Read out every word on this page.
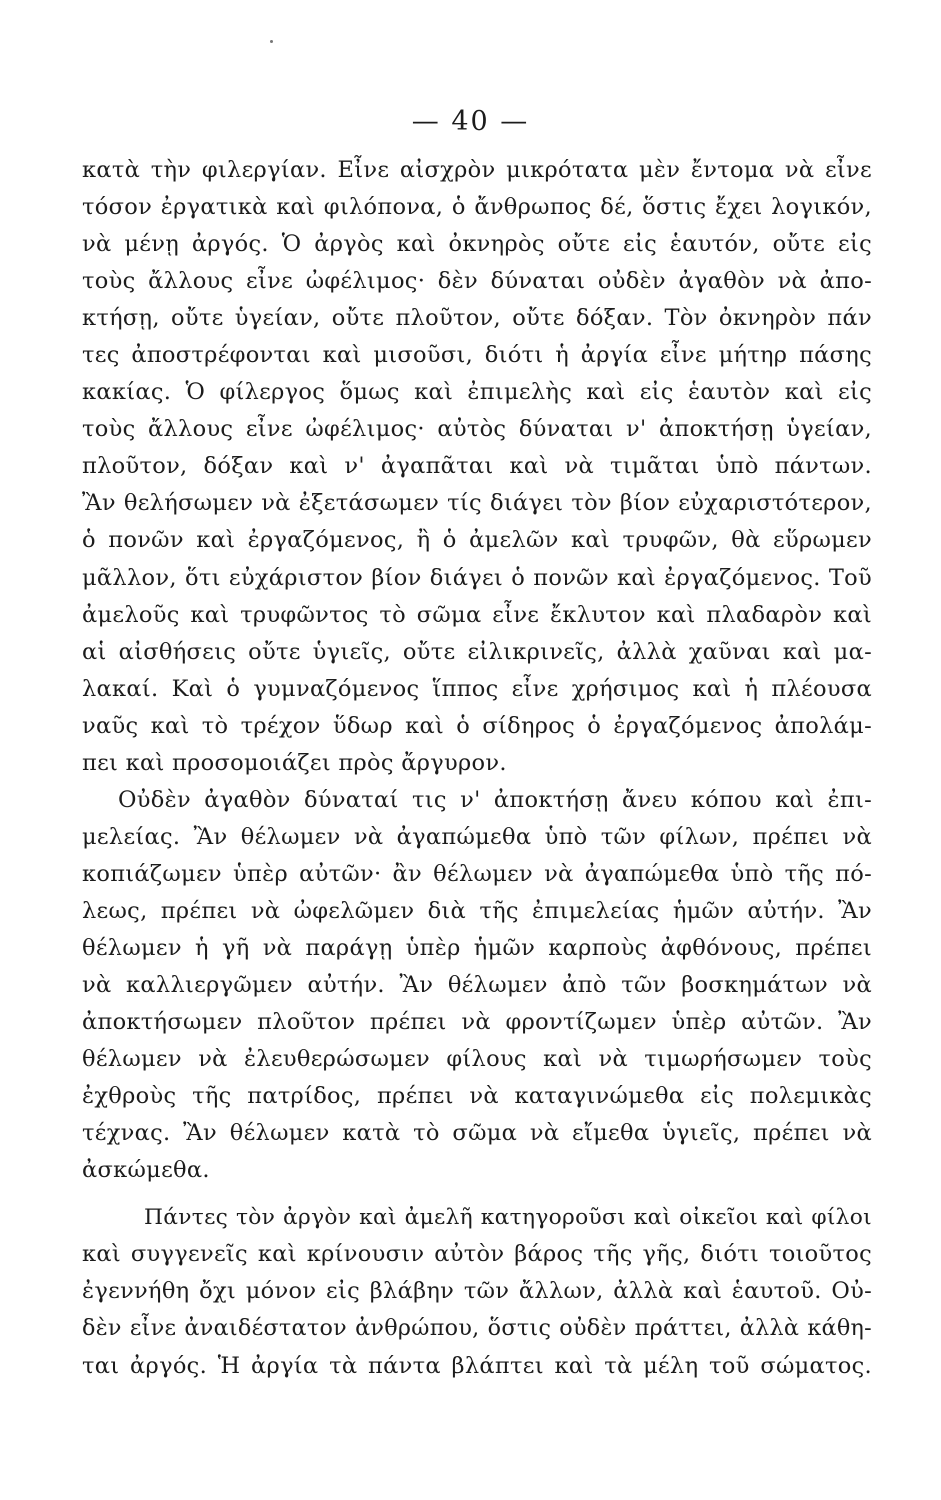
— 40 —
κατὰ τὴν φιλεργίαν. Εἶνε αἰσχρὸν μικρότατα μὲν ἔντομα νὰ εἶνε
τόσον ἐργατικὰ καὶ φιλόπονα, ὁ ἄνθρωπος δέ, ὅστις ἔχει λογικόν,
νὰ μένῃ ἀργός. Ὁ ἀργὸς καὶ ὀκνηρὸς οὔτε εἰς ἑαυτόν, οὔτε εἰς
τοὺς ἄλλους εἶνε ὠφέλιμος· δὲν δύναται οὐδὲν ἀγαθὸν νὰ ἀπο-
κτήσῃ, οὔτε ὑγείαν, οὔτε πλοῦτον, οὔτε δόξαν. Τὸν ὀκνηρὸν πάν
τες ἀποστρέφονται καὶ μισοῦσι, διότι ἡ ἀργία εἶνε μήτηρ πάσης
κακίας. Ὁ φίλεργος ὅμως καὶ ἐπιμελὴς καὶ εἰς ἑαυτὸν καὶ εἰς
τοὺς ἄλλους εἶνε ὠφέλιμος· αὐτὸς δύναται ν' ἀποκτήσῃ ὑγείαν,
πλοῦτον, δόξαν καὶ ν' ἀγαπᾶται καὶ νὰ τιμᾶται ὑπὸ πάντων.
Ἂν θελήσωμεν νὰ ἐξετάσωμεν τίς διάγει τὸν βίον εὐχαριστότερον,
ὁ πονῶν καὶ ἐργαζόμενος, ἢ ὁ ἀμελῶν καὶ τρυφῶν, θὰ εὕρωμεν
μᾶλλον, ὅτι εὐχάριστον βίον διάγει ὁ πονῶν καὶ ἐργαζόμενος. Τοῦ
ἀμελοῦς καὶ τρυφῶντος τὸ σῶμα εἶνε ἔκλυτον καὶ πλαδαρὸν καὶ
αἱ αἰσθήσεις οὔτε ὑγιεῖς, οὔτε εἰλικρινεῖς, ἀλλὰ χαῦναι καὶ μα-
λακαί. Καὶ ὁ γυμναζόμενος ἵππος εἶνε χρήσιμος καὶ ἡ πλέουσα
ναῦς καὶ τὸ τρέχον ὕδωρ καὶ ὁ σίδηρος ὁ ἐργαζόμενος ἀπολάμ-
πει καὶ προσομοιάζει πρὸς ἄργυρον.
Οὐδὲν ἀγαθὸν δύναταί τις ν' ἀποκτήσῃ ἄνευ κόπου καὶ ἐπι-
μελείας. Ἂν θέλωμεν νὰ ἀγαπώμεθα ὑπὸ τῶν φίλων, πρέπει νὰ
κοπιάζωμεν ὑπὲρ αὐτῶν· ἂν θέλωμεν νὰ ἀγαπώμεθα ὑπὸ τῆς πό-
λεως, πρέπει νὰ ὠφελῶμεν διὰ τῆς ἐπιμελείας ἡμῶν αὐτήν. Ἂν
θέλωμεν ἡ γῆ νὰ παράγῃ ὑπὲρ ἡμῶν καρποὺς ἀφθόνους, πρέπει
νὰ καλλιεργῶμεν αὐτήν. Ἂν θέλωμεν ἀπὸ τῶν βοσκημάτων νὰ
ἀποκτήσωμεν πλοῦτον πρέπει νὰ φροντίζωμεν ὑπὲρ αὐτῶν. Ἂν
θέλωμεν νὰ ἐλευθερώσωμεν φίλους καὶ νὰ τιμωρήσωμεν τοὺς
ἐχθροὺς τῆς πατρίδος, πρέπει νὰ καταγινώμεθα εἰς πολεμικὰς
τέχνας. Ἂν θέλωμεν κατὰ τὸ σῶμα νὰ εἴμεθα ὑγιεῖς, πρέπει νὰ
ἀσκώμεθα.
Πάντες τὸν ἀργὸν καὶ ἀμελῆ κατηγοροῦσι καὶ οἰκεῖοι καὶ φίλοι
καὶ συγγενεῖς καὶ κρίνουσιν αὐτὸν βάρος τῆς γῆς, διότι τοιοῦτος
ἐγεννήθη ὄχι μόνον εἰς βλάβην τῶν ἄλλων, ἀλλὰ καὶ ἑαυτοῦ. Οὐ-
δὲν εἶνε ἀναιδέστατον ἀνθρώπου, ὅστις οὐδὲν πράττει, ἀλλὰ κάθη-
ται ἀργός. Ἡ ἀργία τὰ πάντα βλάπτει καὶ τὰ μέλη τοῦ σώματος.
